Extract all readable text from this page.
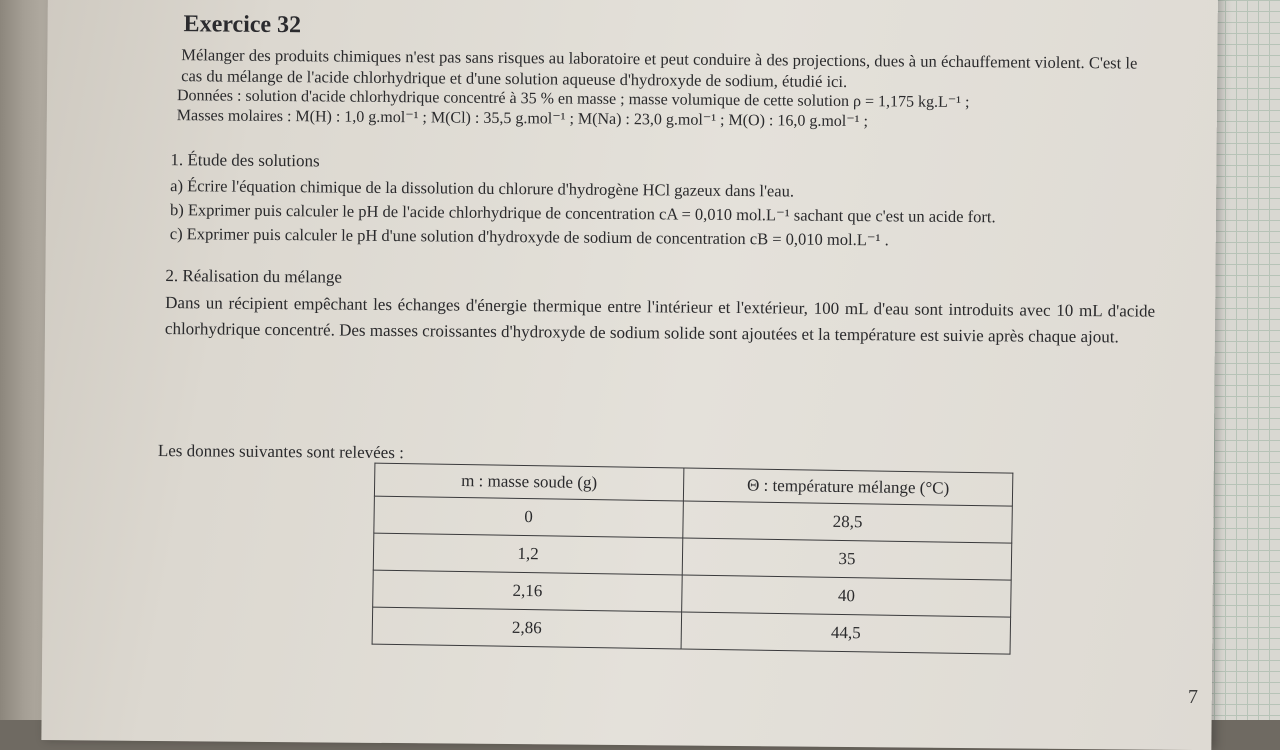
Exercice 32

Mélanger des produits chimiques n'est pas sans risques au laboratoire et peut conduire à des projections, dues à un échauffement violent. C'est le cas du mélange de l'acide chlorhydrique et d'une solution aqueuse d'hydroxyde de sodium, étudié ici.

Données : solution d'acide chlorhydrique concentré à 35 % en masse ; masse volumique de cette solution ρ = 1,175 kg.L⁻¹ ;

Masses molaires : M(H) : 1,0 g.mol⁻¹ ; M(Cl) : 35,5 g.mol⁻¹ ; M(Na) : 23,0 g.mol⁻¹ ; M(O) : 16,0 g.mol⁻¹ ;

1. Étude des solutions

a) Écrire l'équation chimique de la dissolution du chlorure d'hydrogène HCl gazeux dans l'eau.

b) Exprimer puis calculer le pH de l'acide chlorhydrique de concentration cA = 0,010 mol.L⁻¹ sachant que c'est un acide fort.

c) Exprimer puis calculer le pH d'une solution d'hydroxyde de sodium de concentration cB = 0,010 mol.L⁻¹ .

2. Réalisation du mélange

Dans un récipient empêchant les échanges d'énergie thermique entre l'intérieur et l'extérieur, 100 mL d'eau sont introduits avec 10 mL d'acide chlorhydrique concentré. Des masses croissantes d'hydroxyde de sodium solide sont ajoutées et la température est suivie après chaque ajout.

Les donnes suivantes sont relevées :
m : masse soude (g)	Θ : température mélange (°C)
0	28,5
1,2	35
2,16	40
2,86	44,5
7
